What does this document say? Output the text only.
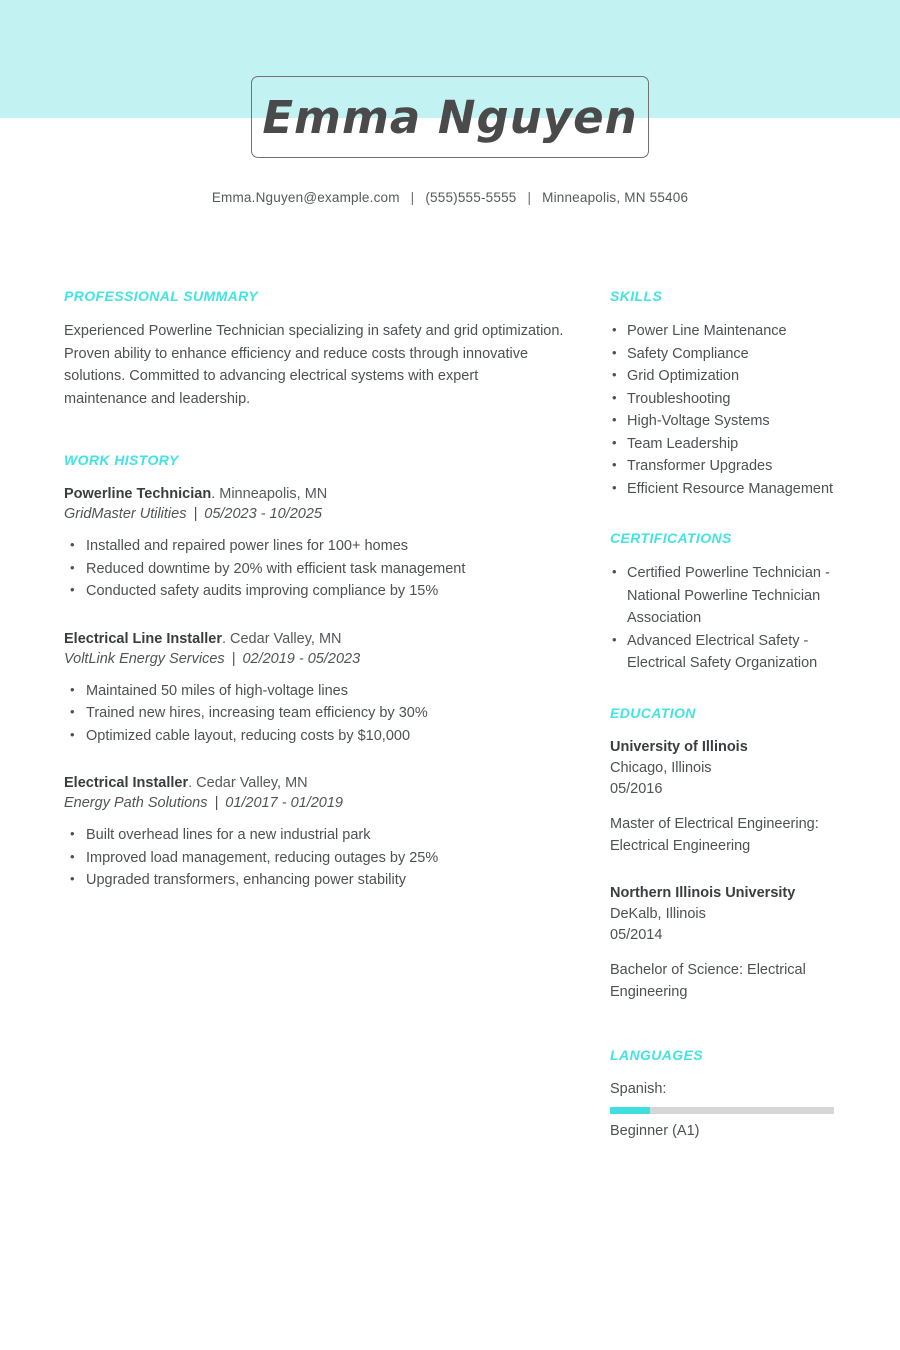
Emma Nguyen
Emma.Nguyen@example.com | (555)555-5555 | Minneapolis, MN 55406
PROFESSIONAL SUMMARY

Experienced Powerline Technician specializing in safety and grid optimization. Proven ability to enhance efficiency and reduce costs through innovative solutions. Committed to advancing electrical systems with expert maintenance and leadership.

WORK HISTORY

Powerline Technician. Minneapolis, MN

GridMaster Utilities | 05/2023 - 10/2025

• Installed and repaired power lines for 100+ homes
• Reduced downtime by 20% with efficient task management
• Conducted safety audits improving compliance by 15%

Electrical Line Installer. Cedar Valley, MN

VoltLink Energy Services | 02/2019 - 05/2023

• Maintained 50 miles of high-voltage lines
• Trained new hires, increasing team efficiency by 30%
• Optimized cable layout, reducing costs by $10,000

Electrical Installer. Cedar Valley, MN

Energy Path Solutions | 01/2017 - 01/2019

• Built overhead lines for a new industrial park
• Improved load management, reducing outages by 25%
• Upgraded transformers, enhancing power stability
SKILLS
• Power Line Maintenance
• Safety Compliance
• Grid Optimization
• Troubleshooting
• High-Voltage Systems
• Team Leadership
• Transformer Upgrades
• Efficient Resource Management
CERTIFICATIONS
• Certified Powerline Technician - National Powerline Technician Association
• Advanced Electrical Safety - Electrical Safety Organization
EDUCATION

University of Illinois

Chicago, Illinois

05/2016

Master of Electrical Engineering: Electrical Engineering

Northern Illinois University

DeKalb, Illinois

05/2014

Bachelor of Science: Electrical Engineering

LANGUAGES

Spanish:

Beginner (A1)
